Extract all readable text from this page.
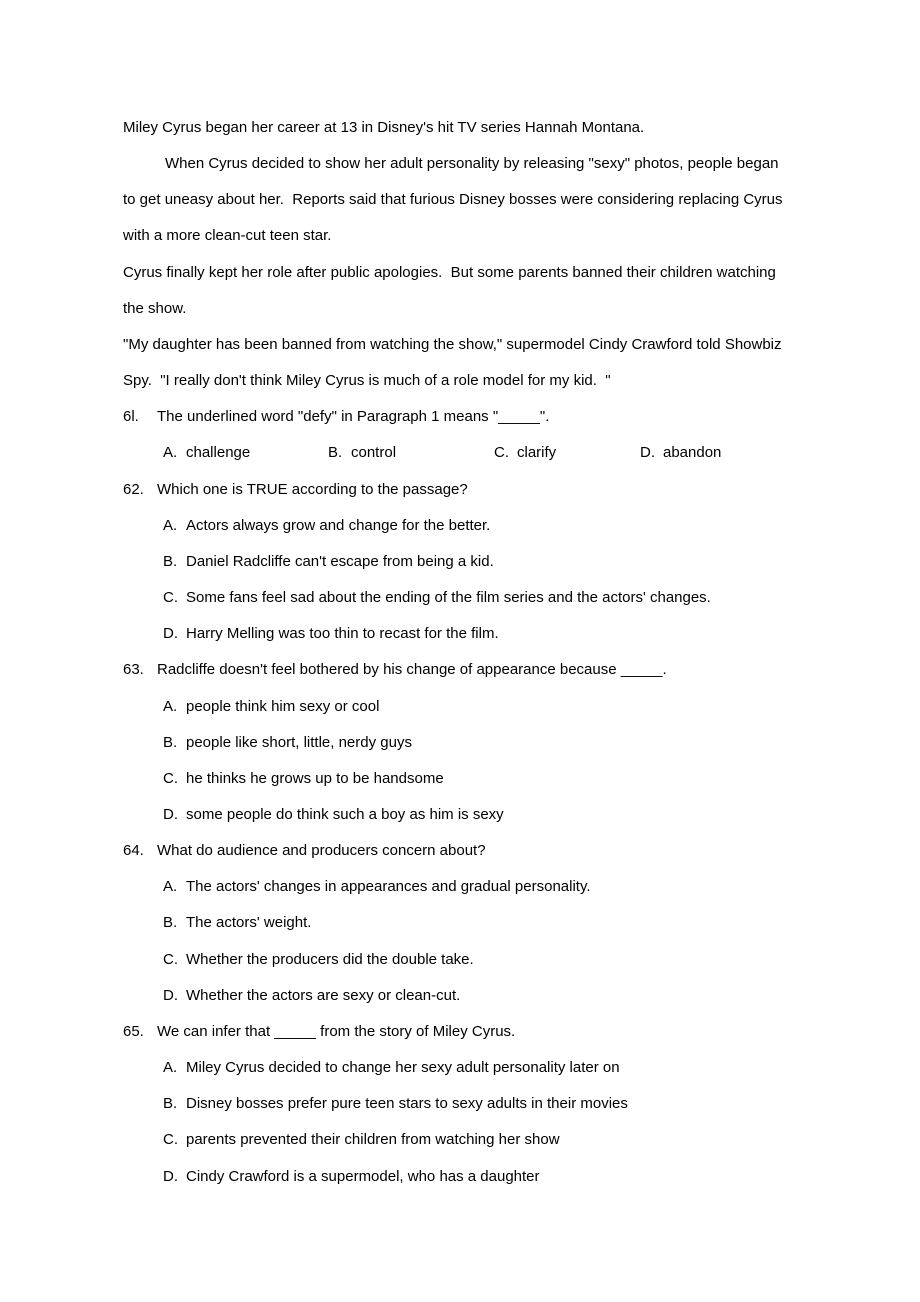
Miley Cyrus began her career at 13 in Disney's hit TV series Hannah Montana.
When Cyrus decided to show her adult personality by releasing "sexy" photos, people began
to get uneasy about her.  Reports said that furious Disney bosses were considering replacing Cyrus
with a more clean-cut teen star.
Cyrus finally kept her role after public apologies.  But some parents banned their children watching
the show.
"My daughter has been banned from watching the show," supermodel Cindy Crawford told Showbiz
Spy.  "I really don't think Miley Cyrus is much of a role model for my kid.  "
6l. The underlined word "defy" in Paragraph 1 means "_____".
A. challenge	B. control	C. clarify	D. abandon
62. Which one is TRUE according to the passage?
A. Actors always grow and change for the better.
B. Daniel Radcliffe can't escape from being a kid.
C. Some fans feel sad about the ending of the film series and the actors' changes.
D. Harry Melling was too thin to recast for the film.
63. Radcliffe doesn't feel bothered by his change of appearance because _____.
A. people think him sexy or cool
B. people like short, little, nerdy guys
C. he thinks he grows up to be handsome
D. some people do think such a boy as him is sexy
64. What do audience and producers concern about?
A. The actors' changes in appearances and gradual personality.
B. The actors' weight.
C. Whether the producers did the double take.
D. Whether the actors are sexy or clean-cut.
65. We can infer that _____ from the story of Miley Cyrus.
A. Miley Cyrus decided to change her sexy adult personality later on
B. Disney bosses prefer pure teen stars to sexy adults in their movies
C. parents prevented their children from watching her show
D. Cindy Crawford is a supermodel, who has a daughter
